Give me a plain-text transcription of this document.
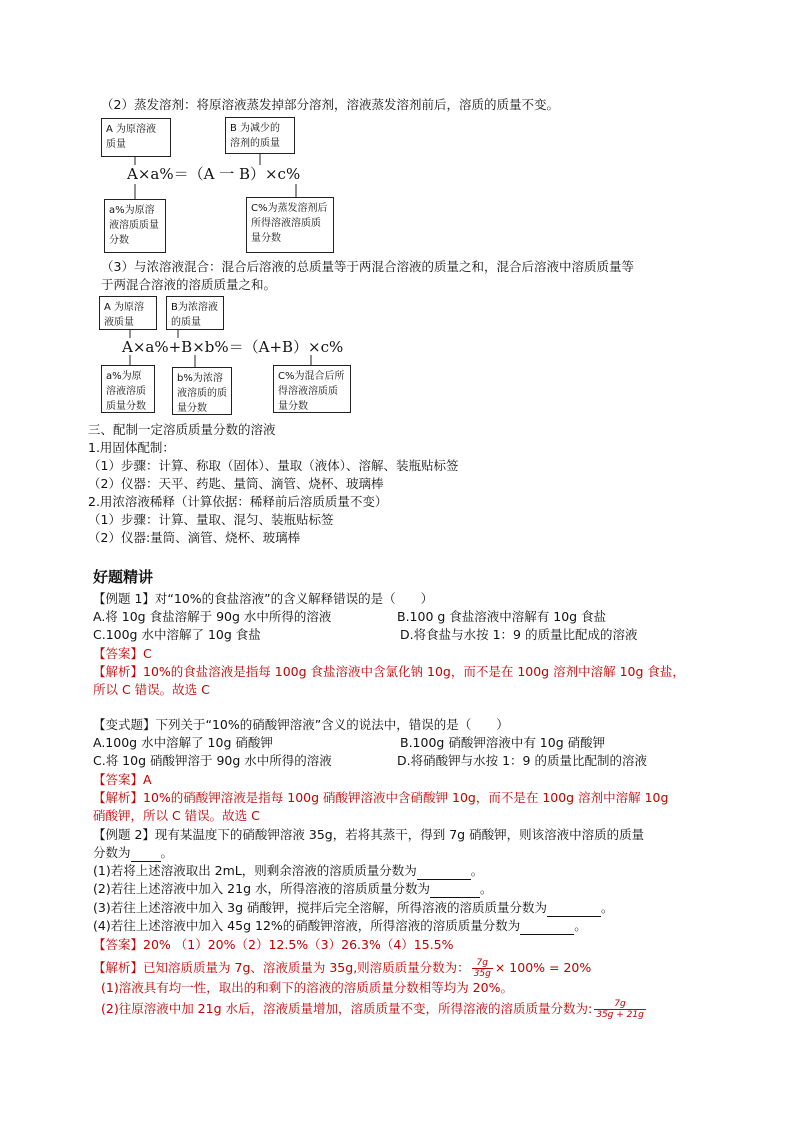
（2）蒸发溶剂：将原溶液蒸发掉部分溶剂，溶液蒸发溶剂前后，溶质的质量不变。
A 为原溶液质量
B 为减少的溶剂的质量
A×a%＝（A 一 B）×c%
a%为原溶液溶质质量分数
C%为蒸发溶剂后所得溶液溶质质量分数
（3）与浓溶液混合：混合后溶液的总质量等于两混合溶液的质量之和，混合后溶液中溶质质量等
于两混合溶液的溶质质量之和。
A 为原溶液质量
B为浓溶液的质量
A×a%+B×b%＝（A+B）×c%
a%为原溶液溶质质量分数
b%为浓溶液溶质的质量分数
C%为混合后所得溶液溶质质量分数
三、配制一定溶质质量分数的溶液
1.用固体配制：
（1）步骤：计算、称取（固体）、量取（液体）、溶解、装瓶贴标签
（2）仪器：天平、药匙、量筒、滴管、烧杯、玻璃棒
2.用浓溶液稀释（计算依据：稀释前后溶质质量不变）
（1）步骤：计算、量取、混匀、装瓶贴标签
（2）仪器:量筒、滴管、烧杯、玻璃棒
好题精讲
【例题 1】对“10%的食盐溶液”的含义解释错误的是（　　）
A.将 10g 食盐溶解于 90g 水中所得的溶液	B.100 g 食盐溶液中溶解有 10g 食盐
C.100g 水中溶解了 10g 食盐	D.将食盐与水按 1：9 的质量比配成的溶液
【答案】C
【解析】10%的食盐溶液是指每 100g 食盐溶液中含氯化钠 10g，而不是在 100g 溶剂中溶解 10g 食盐，
所以 C 错误。故选 C
【变式题】下列关于“10%的硝酸钾溶液”含义的说法中，错误的是（　　）
A.100g 水中溶解了 10g 硝酸钾	B.100g 硝酸钾溶液中有 10g 硝酸钾
C.将 10g 硝酸钾溶于 90g 水中所得的溶液	D.将硝酸钾与水按 1：9 的质量比配制的溶液
【答案】A
【解析】10%的硝酸钾溶液是指每 100g 硝酸钾溶液中含硝酸钾 10g，而不是在 100g 溶剂中溶解 10g
硝酸钾，所以 C 错误。故选 C
【例题 2】现有某温度下的硝酸钾溶液 35g，若将其蒸干，得到 7g 硝酸钾，则该溶液中溶质的质量
分数为 。
(1)若将上述溶液取出 2mL，则剩余溶液的溶质质量分数为	。
(2)若往上述溶液中加入 21g 水，所得溶液的溶质质量分数为	。
(3)若往上述溶液中加入 3g 硝酸钾，搅拌后完全溶解，所得溶液的溶质质量分数为	。
(4)若往上述溶液中加入 45g 12%的硝酸钾溶液，所得溶液的溶质质量分数为	。
【答案】20% （1）20%（2）12.5%（3）26.3%（4）15.5%
【解析】已知溶质质量为 7g、溶液质量为 35g,则溶质质量分数为： $\frac{7g}{35g} \times 100\% = 20\%$
(1)溶液具有均一性，取出的和剩下的溶液的溶质质量分数相等均为 20%。
(2)往原溶液中加 21g 水后，溶液质量增加，溶质质量不变，所得溶液的溶质质量分数为: $\frac{7g}{35g + 21g}$
